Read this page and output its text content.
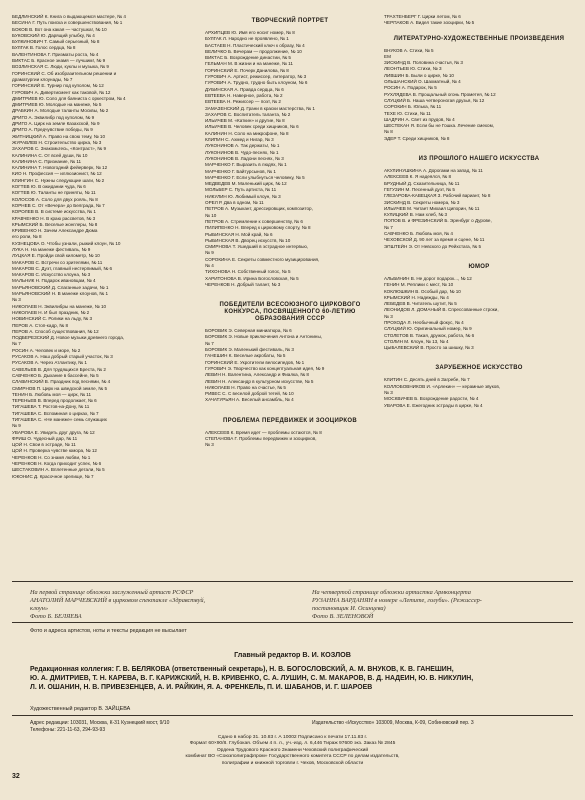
БЕДЛИНСКИЙ К. Книга о выдающемся мастере, № 4
БЕСИНА Г. Путь поиска и совершенствования, № 1
БОКОВ В. Вот она какая — частушка!, № 10
БУКОВСКИЙ Ю. Дарящий улыбку, № 4
БУЛКИНОВИЧ Т. Самый серьезный, № 8
БУЛГАК В. Голос сердца, № 8
ВАЛЕНТИНОВА Г. Призматы роста, № 4
ВИКТАС Б. Красное знамя — лучшим!, № 9
ВОЗЛИНСКАЯ С. Люди, куклы и музыка, № 9
ГОРИНСКИЙ С. Об изобразительном решении и
драматургии клоунады, № 7
ГОРИНСКИЙ Е. Турнир под куполом, № 12
ГУРОВИЧ А. Дивертисмент как таковой, № 12
ДМИТРИЕВ Ю. Соло для баяниста с оркестром, № 4
ДМИТРИЕВ Ю. Молодые на манеже, № 5
ДРАБКИН А. Молодые таланты Москвы, № 2
ДРИГО А. Эквилибр под куполом, № 9
ДРИГО А. Цирк на земле Казахской, № 9
ДРИГО А. Предчувствие победы, № 9
ЖИТНИЦКИЙ А. Право на свою тему, № 10
ЖУРАВЛЕВ Н. Строительство цирка, № 3
ЗАХАРОВ С. Знакомьтесь, «Контраст», № 9
КАЛИНИНА С. От всей души, № 10
КАЛИНИНА С. Признание, № 11
КАЛИНИНА Т. Новогодний фейерверк, № 12
КИО Н. Профессия — иллюзионист, № 12
КЛИНГИН С. Нужны следующие шаги, № 2
КОГТЕВ Ю. В ожидании чуда, № 6
КОГТЕВ Ю. Таланты не приняты, № 11
КОЛОСОВ А. Соло для двух рояль, № 8
КОРНЕВ С. От «Вечера» до Белграда, № 7
КОРОЛЕВ В. В системе искусства, № 1
КРАВЧЕНКО Н. В краю рассветов, № 3
КРЫМСКИЙ Б. Веселые жонглеры, № 8
КРИВЕНКО Н. Зачем Александре Дюма
его роли, № 8
КУЗНЕЦОВА О. Чтобы узнали, рыжий клоун, № 10
ЛУКА Н. На манеже фестиваль, № 9
ЛУЦКАЯ Е. Пройди свой километр, № 10
МАКАРОВ С. Встречи со зрителями, № 11
МАКАРОВ С. Дуэт, главный нестерпимый, № 6
МАКАРОВ С. Искусство клоуна, № 3
МАЛЬНИК Н. Подарок ивановцам, № 4
МАРЬЯНОВСКИЙ Д. Слаганные задачи, № 1
МАРЬЯНОВСКИЙ Н. В манеже клоунов, № 1
№ 3
НИКОЛАЕВ Н. Эквилибры на манеже, № 10
НИКОЛАЕВ Н. И был праздник, № 2
НОВИНСКИЙ С. Ролики на льду, № 3
ПЕРОВ А. Стоп-кадр, № 8
ПЕРОВ А. Способ существования, № 12
ПОДБЕРЕЗСКИЙ Д. Новое музыки древнего города,
№ 7
РОСИН А. Человек и море, № 2
РУСАКОВ А. Наш добрый старый участок, № 3
РУСАКОВ А. Через Атлантику, № 1
САВЕЛЬЕВ В. Для трудящихся Бреста, № 2
САВЧЕНКО Б. Дыхание в бассейне, № 5
СЛАВИНСКИЙ В. Праздник под песнями, № 4
СМИРНОВ П. Цирк на шведской земле, № 5
ТЕНИН Б. Любовь моя — цирк, № 11
ТЕРЕНЬЕВ В. Вперед продолжает, № 6
ТИГАШЕВА Т. Ростов-на-Дону, № 11
ТИГАШЕВА С. Вспоминая о цирках, № 7
ТИГАШЕВА С. «Не манеже» семь служащих
№ 9
УВАРОВА Е. Увидеть друг друга, № 12
ФРИШ О. Чудесный дар, № 11
ЦОЙ Н. Свои в эстраде, № 11
ЦОЙ Н. Проверка чувстве юмора, № 12
ЧЕРЕНКОВ Н. Со знамя любви, № 1
ЧЕРЕНКОВ Н. Когда приходит успех, № 6
ШЕСТАКОВИН А. Вплетенные детали, № 5
ЮКОНИС Д. Красочное зрелище, № 7
ТВОРЧЕСКИЙ ПОРТРЕТ
АРХИПЦЕВ Ю. Имя его носит номер, № 8
БУЛГАК Л. Народно не проявлено, № 1
БАСТАЕВ Н. Пластический ключ к образу, № 4
ВЕЛИЧКО Б. Вечерам — продолжение, № 10
ВИКТАС Б. Возрождение династии, № 5
ГЕЛЬМАН М. В жизни и на манеже, № 11
ГОРИНСКИЙ Е. Почерк Данилова, № 8
ГУРОВИЧ А. Артист, режиссер, литератор, № 3
ГУРОВИЧ А. Трудно, трудно быть клоуном, № 6
ДУБИНСКАЯ А. Правда сердца, № 6
ЕВТЕЕВА Н. Наверное, работа, № 2
ЕВТЕЕВА Н. Режиссер — поэт, № 2
ЗАМАЗЕНСКИЙ Д. Грани в краски мастерства, № 1
ЗАХАРОВ С. Воспитатель таланта, № 2
ИЛЬИЧЕВ М. «Каткин» и другие, № 8
ИЛЬИЧЕВ В. Человек среди хищников, № 6
КАЛИНИН Н. Соло на микрофоне, № 8
КЛИПИН С. Ахмед и Нигар, № 3
ЛУКОНИНОВ А. Так держать!, № 1
ЛУКОНИНОВ В. Чудо-песнях, № 1
ЛУКОНИНОВ В. Ладони песнях, № 3
МАРЧЕНКО Г. Выразить в людях, № 1
МАРЧЕНКО Г. Байтурсынов, № 1
МАРЧЕНКО Г. Если улыбнуться человеку, № 5
МЕДВЕДЕВ М. Маленький цирк, № 12
МОЛЬБЕР С. Путь артиста, № 11
НИКУЛИН Ю. Любимый клоун, № 3
ОРЕЛ Р. Два в одном, № 11
ПЕТРОВ А. Музыкант, дрессировщик, композитор,
№ 10
ПЕТРОВ А. Стремление к совершенству, № 6
ПИЛИПЕНКО Н. Вперед к цирковому спорту, № 8
РЫБИНСКАЯ Н. Мой край, № 6
РЫБИНСКАЯ В. Дворец искусств, № 10
СМИРНОВА Т. Ушедший в эстрадное интервью,
№ 9
СОРОКИНА Е. Секреты совместного музицирования,
№ 4
ТИХОНОВА Н. Собственный голос, № 5
ХАРИТОНОВА В. Ирина Богословская, № 5
ЧЕРЕНКОВ Н. Добрый талант, № 3
ПОБЕДИТЕЛИ ВСЕСОЮЗНОГО ЦИРКОВОГО КОНКУРСА, ПОСВЯЩЕННОГО 60-ЛЕТИЮ ОБРАЗОВАНИЯ СССР
БОРОВИК Э. Северная миниатюра, № 6
БОРОВИК Э. Новые приключения Антона и Антонины,
№ 7
БОРОВИК Э. Маленький фестиваль, № 3
ГАНЕШИН К. Веселые акробаты, № 5
ГОРИНСКИЙ Е. Укротители велосипедов, № 1
ГУРОВИЧ Э. Творчество как концептуальная идея, № 9
ЛЕВИН Н. Валентина, Александр и Фиалка, № 8
ЛЕВИН Н. Александр в культурном искусстве, № 5
НИКОЛАЕВ Н. Право на счастье, № 5
РИВЕС С. С веселой доброй тетей, № 10
ХАЧАТУРЬЯН А. Веселый ансамбль, № 4
ПРОБЛЕМА ПЕРЕДВИЖЕК И ЗООЦИРКОВ
АЛЕКСЕЕВ К. Время идет — проблемы остаются, № 8
СТЕПАНОВА Г. Проблемы передвижек и зооцирков,
№ 3
ТРАХТЕНБЕРГ Г. Цирки летом, № 6
ЧЕРПАКОВ А. Видел такие зооцирки, № 5
ЛИТЕРАТУРНО-ХУДОЖЕСТВЕННЫЕ ПРОИЗВЕДЕНИЯ
ВНУКОВ А. Стихи, № 5
ЕМ
ЗИСКИНД В. Половина счастья, № 3
ЛЕОНТЬЕВ Ю. Стихи, № 3
ЛИВШИН Б. Были о цирке, № 10
ОЛЬШАНСКИЙ О. Шахматный, № 4
РОСИН А. Подарок, № 5
РУХЛЯДЕВА В. Прощальный огонь Прометея, № 12
СЛУЦКИЙ Б. Наша четвероногая друзья, № 12
СОРОКИН Б. Юлька, № 11
ТЕХЕ Ю. Стихи, № 11
ШАДРИН А. Свет из прудов, № 4
ШЕСТЕКАН Я. Если бы не Гошка. Лечение смехом,
№ 8
ЭДЕР Т. Среди хищников, № 8
ИЗ ПРОШЛОГО НАШЕГО ИСКУССТВА
АКУЛИНУШКИНА А. Дорогами на запад, № 11
АЛЕКСЕЕВ К. Я надеялся, № 8
БРУДНЫЙ Д. Сказительница, № 11
ГЕГУЗИН М. Песенный дуэт, № 5
ГЛЕЗАРОВА-КАВЕЦКАЯ З. Рабочий вариант, № 8
ЗИСКИНД В. Секреты номера, № 3
ИЛЬИЧЕВ М. Читает Михаил Ципорин, № 11
КУЛИЦКИЙ В. Нам хлеб, № 3
ПОПОВ В. и ФРЕЗИНСКИЙ Б. Эренбург о Дурове,
№ 7
САВЧЕНКО Б. Любовь моя, № 4
ЧЕХОВСКОЙ Д. 90 лет за время и сцене, № 11
ЭПШТЕЙН Э. От Невского до Рейхстага, № 5
ЮМОР
АЛЬБИНИН В. Не дорог подарок..., № 12
ГЕНИН М. Реплики с мест, № 10
КОКЛЮШКИН В. Особый дар, № 10
КРЫМСКИЙ Н. Надежды, № 4
ЛЕБЕДЕВ В. Читатель шутит, № 5
ЛЕОНИДОВ Л. ДОМАНЫЙ В. Спрессованные строки,
№ 3
ПРОХОДА Л. Необычный фокус, № 4
СЛУЦКИЙ Ю. Оригинальный номер, № 9
СТОЛЕТОВ В. Такая, дружок, работа, № 6
СТОЛИН М. Клоун, № 13, № 4
ЦЫБАЛЕВСКИЙ В. Просто за шишку, № 3
ЗАРУБЕЖНОЕ ИСКУССТВО
КЛИТИН С. Десять дней в Загребе, № 7
КОЛЛОБОВНИКОВ И. «Арлекин» — керамные звуков,
№ 3
МОСКВИЧЕВ Б. Возрождение радости, № 4
УВАРОВА Е. Ежегодник эстрады в цирке, № 4
На первой странице обложки заслуженный артист РСФСР
АНАТОЛИЙ МАРЧЕВСКИЙ в цирковом спектакле «Здравствуй,
клоун»
Фото Б. БЕЛЯЕВА
На четвертой странице обложки артистка Армконцерта
РУЗАННА ВАРДАНЯН в номере «Летите, голуби». (Режиссер-
постановщик И. Осинцева)
Фото В. ЗЕЛЕНОВОЙ
Фото и адреса артистов, ноты и тексты редакция не высылает
Главный редактор В. И. КОЗЛОВ
Редакционная коллегия: Г. В. БЕЛЯКОВА (ответственный секретарь), Н. В. БОГОСЛОВСКИЙ, А. М. ВНУКОВ, К. В. ГАНЕШИН,
Ю. А. ДМИТРИЕВ, Т. Н. КАРЕВА, В. Г. КАРИЖСКИЙ, Н. В. КРИВЕНКО, С. А. ЛУШИН, С. М. МАКАРОВ, В. Д. НАДЕИН, Ю. В. НИКУЛИН,
Л. И. ОШАНИН, Н. В. ПРИВЕЗЕНЦЕВ, А. И. РАЙКИН, Я. А. ФРЕНКЕЛЬ, П. И. ШАБАНОВ, И. Г. ШАРОЕВ
Художественный редактор В. ЗАЙЦЕВА
Адрес редакции: 103031, Москва, К-31 Кузнецкий мост, 9/10
Телефоны: 221-11-63, 294-93-93
Издательство «Искусство» 103009, Москва, К-09, Собиновский пер. 3
Сдано в набор 31. 10.83 г. А 10002 Подписано к печати 17.11.83 г.
Формат 60×90/8. Глубокая. Объем 4 п. л., уч.-изд. л. 6,446 Тираж 97600 экз. Заказ № 2845
Ордена Трудового Красного Знамени Чеховский полиграфический
комбинат ВО «Союзполиграфпром» Государственного комитета СССР по делам издательств,
полиграфии и книжной торговли г. Чехов, Московской области
32
